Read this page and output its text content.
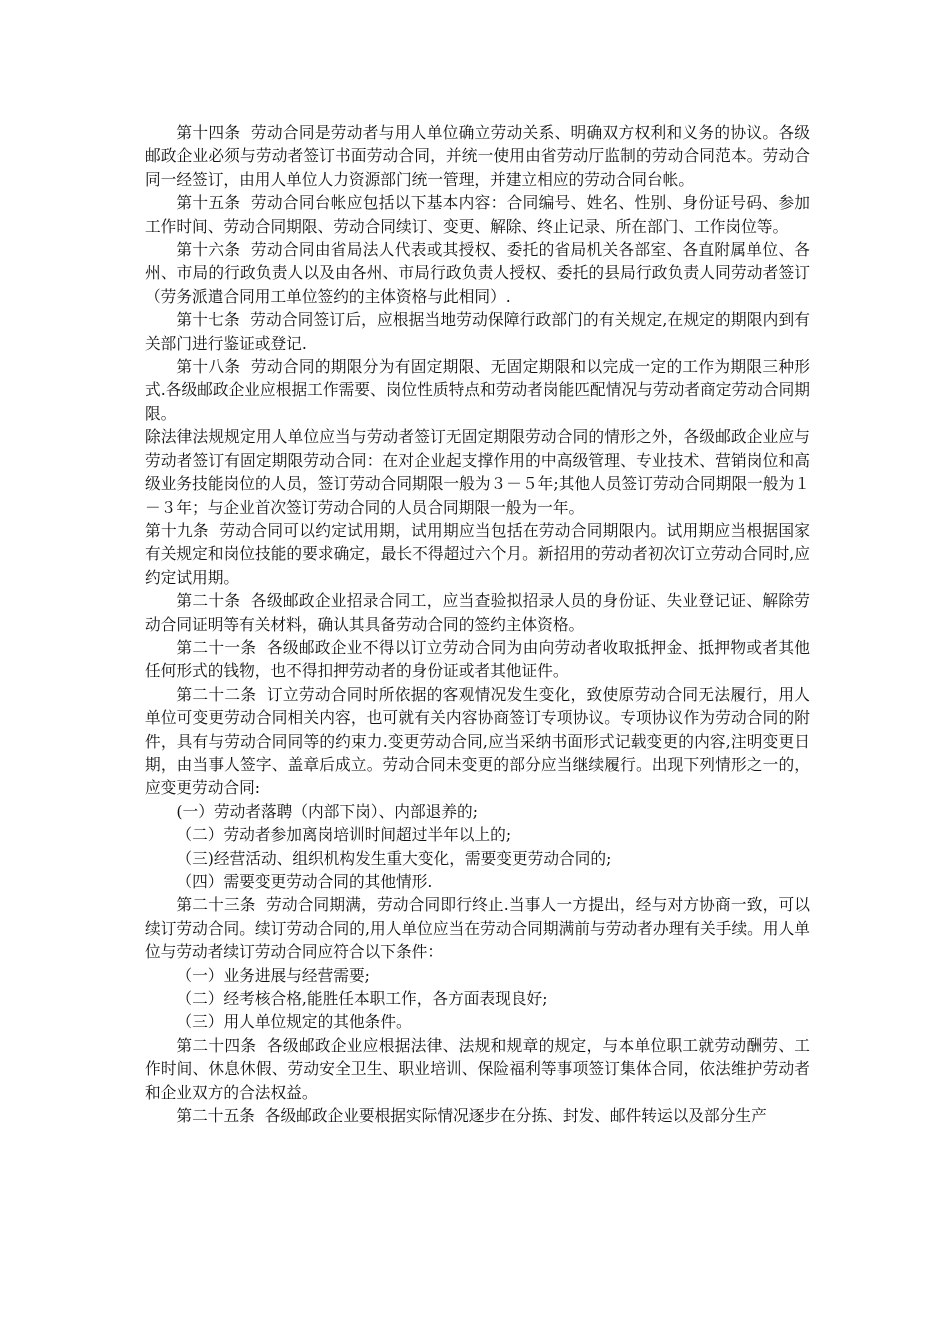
第十四条  劳动合同是劳动者与用人单位确立劳动关系、明确双方权利和义务的协议。各级邮政企业必须与劳动者签订书面劳动合同，并统一使用由省劳动厅监制的劳动合同范本。劳动合同一经签订，由用人单位人力资源部门统一管理，并建立相应的劳动合同台帐。

第十五条  劳动合同台帐应包括以下基本内容：合同编号、姓名、性别、身份证号码、参加工作时间、劳动合同期限、劳动合同续订、变更、解除、终止记录、所在部门、工作岗位等。

第十六条  劳动合同由省局法人代表或其授权、委托的省局机关各部室、各直附属单位、各州、市局的行政负责人以及由各州、市局行政负责人授权、委托的县局行政负责人同劳动者签订（劳务派遣合同用工单位签约的主体资格与此相同）.

第十七条  劳动合同签订后，应根据当地劳动保障行政部门的有关规定,在规定的期限内到有关部门进行鉴证或登记.

第十八条  劳动合同的期限分为有固定期限、无固定期限和以完成一定的工作为期限三种形式.各级邮政企业应根据工作需要、岗位性质特点和劳动者岗能匹配情况与劳动者商定劳动合同期限。

除法律法规规定用人单位应当与劳动者签订无固定期限劳动合同的情形之外，各级邮政企业应与劳动者签订有固定期限劳动合同：在对企业起支撑作用的中高级管理、专业技术、营销岗位和高级业务技能岗位的人员，签订劳动合同期限一般为３－５年;其他人员签订劳动合同期限一般为１－３年；与企业首次签订劳动合同的人员合同期限一般为一年。

第十九条  劳动合同可以约定试用期，试用期应当包括在劳动合同期限内。试用期应当根据国家有关规定和岗位技能的要求确定，最长不得超过六个月。新招用的劳动者初次订立劳动合同时,应约定试用期。

第二十条  各级邮政企业招录合同工，应当查验拟招录人员的身份证、失业登记证、解除劳动合同证明等有关材料，确认其具备劳动合同的签约主体资格。

第二十一条  各级邮政企业不得以订立劳动合同为由向劳动者收取抵押金、抵押物或者其他任何形式的钱物，也不得扣押劳动者的身份证或者其他证件。

第二十二条  订立劳动合同时所依据的客观情况发生变化，致使原劳动合同无法履行，用人单位可变更劳动合同相关内容，也可就有关内容协商签订专项协议。专项协议作为劳动合同的附件，具有与劳动合同同等的约束力.变更劳动合同,应当采纳书面形式记载变更的内容,注明变更日期，由当事人签字、盖章后成立。劳动合同未变更的部分应当继续履行。出现下列情形之一的，应变更劳动合同:

(一）劳动者落聘（内部下岗）、内部退养的;

（二）劳动者参加离岗培训时间超过半年以上的;

（三)经营活动、组织机构发生重大变化，需要变更劳动合同的;

（四）需要变更劳动合同的其他情形.

第二十三条  劳动合同期满，劳动合同即行终止.当事人一方提出，经与对方协商一致，可以续订劳动合同。续订劳动合同的,用人单位应当在劳动合同期满前与劳动者办理有关手续。用人单位与劳动者续订劳动合同应符合以下条件：

（一）业务进展与经营需要;

（二）经考核合格,能胜任本职工作，各方面表现良好;

（三）用人单位规定的其他条件。

第二十四条  各级邮政企业应根据法律、法规和规章的规定，与本单位职工就劳动酬劳、工作时间、休息休假、劳动安全卫生、职业培训、保险福利等事项签订集体合同，依法维护劳动者和企业双方的合法权益。

第二十五条  各级邮政企业要根据实际情况逐步在分拣、封发、邮件转运以及部分生产
